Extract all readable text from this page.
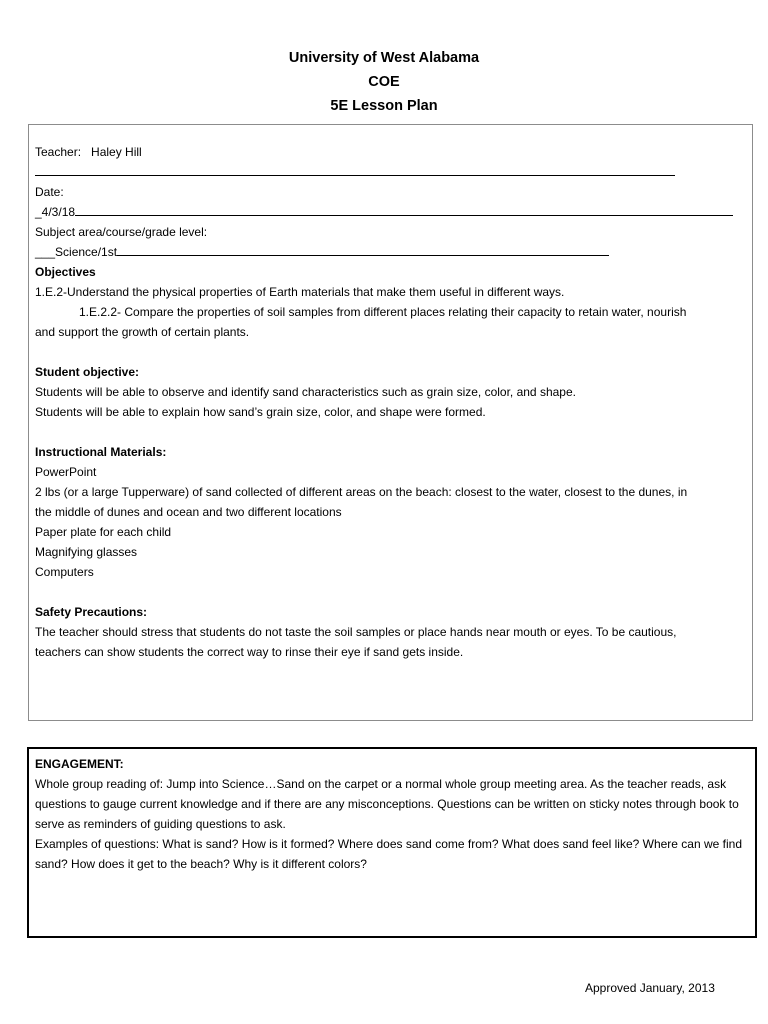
University of West Alabama
COE
5E Lesson Plan
Teacher: Haley Hill
Date:
_4/3/18
Subject area/course/grade level:
___Science/1st
Objectives
1.E.2-Understand the physical properties of Earth materials that make them useful in different ways.
1.E.2.2- Compare the properties of soil samples from different places relating their capacity to retain water, nourish
and support the growth of certain plants.
Student objective:
Students will be able to observe and identify sand characteristics such as grain size, color, and shape.
Students will be able to explain how sand’s grain size, color, and shape were formed.
Instructional Materials:
PowerPoint
2 lbs (or a large Tupperware) of sand collected of different areas on the beach: closest to the water, closest to the dunes, in
the middle of dunes and ocean and two different locations
Paper plate for each child
Magnifying glasses
Computers
Safety Precautions:
The teacher should stress that students do not taste the soil samples or place hands near mouth or eyes. To be cautious,
teachers can show students the correct way to rinse their eye if sand gets inside.
ENGAGEMENT:
Whole group reading of: Jump into Science…Sand on the carpet or a normal whole group meeting area. As the teacher reads, ask questions to gauge current knowledge and if there are any misconceptions. Questions can be written on sticky notes through book to serve as reminders of guiding questions to ask.
Examples of questions: What is sand? How is it formed? Where does sand come from? What does sand feel like? Where can we find sand? How does it get to the beach? Why is it different colors?
Approved January, 2013
